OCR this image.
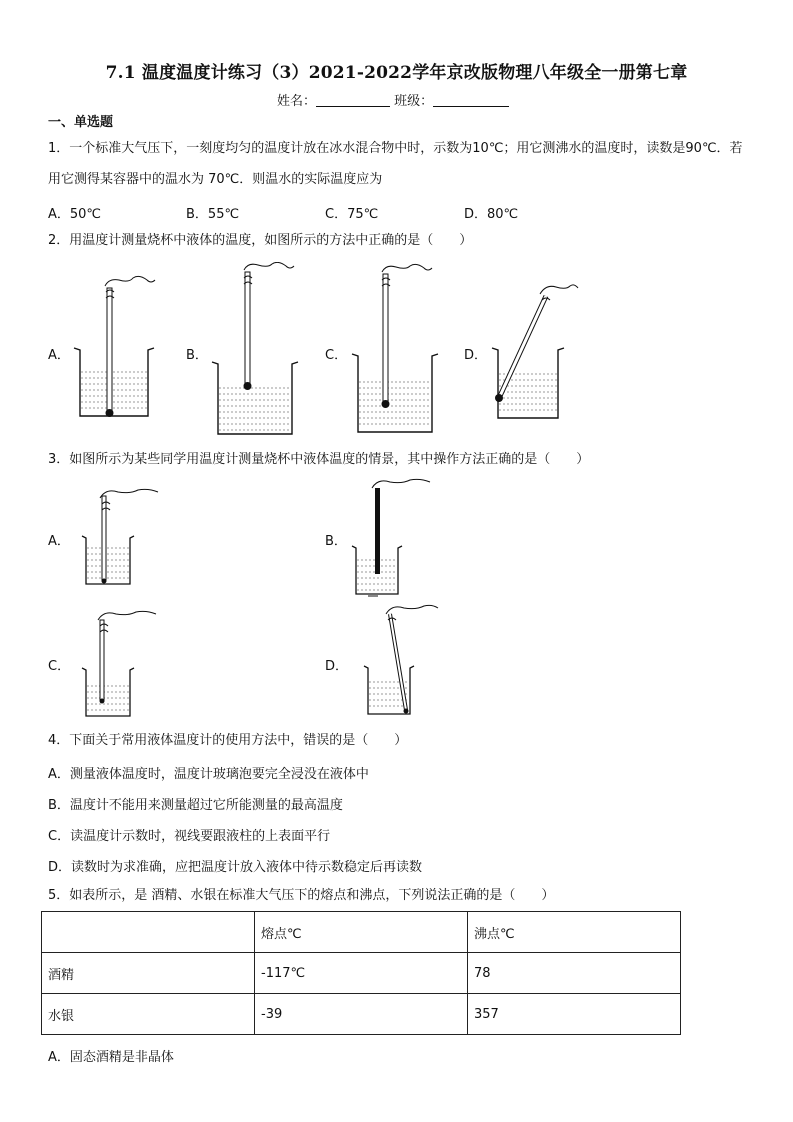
7.1 温度温度计练习（3）2021-2022学年京改版物理八年级全一册第七章
姓名：	班级：
一、单选题
1．一个标准大气压下，一刻度均匀的温度计放在冰水混合物中时，示数为10℃；用它测沸水的温度时，读数是90℃．若
用它测得某容器中的温水为 70℃．则温水的实际温度应为
A．50℃	B．55℃	C．75℃	D．80℃
2．用温度计测量烧杯中液体的温度，如图所示的方法中正确的是（　　）
A．	B．	C．	D．
3．如图所示为某些同学用温度计测量烧杯中液体温度的情景，其中操作方法正确的是（　　）
A．	B．
C．	D．
4．下面关于常用液体温度计的使用方法中，错误的是（　　）
A．测量液体温度时，温度计玻璃泡要完全浸没在液体中
B．温度计不能用来测量超过它所能测量的最高温度
C．读温度计示数时，视线要跟液柱的上表面平行
D．读数时为求准确，应把温度计放入液体中待示数稳定后再读数
5．如表所示，是 酒精、水银在标准大气压下的熔点和沸点，下列说法正确的是（　　）
	熔点℃	沸点℃
酒精	-117℃	78
水银	-39	357
A．固态酒精是非晶体
